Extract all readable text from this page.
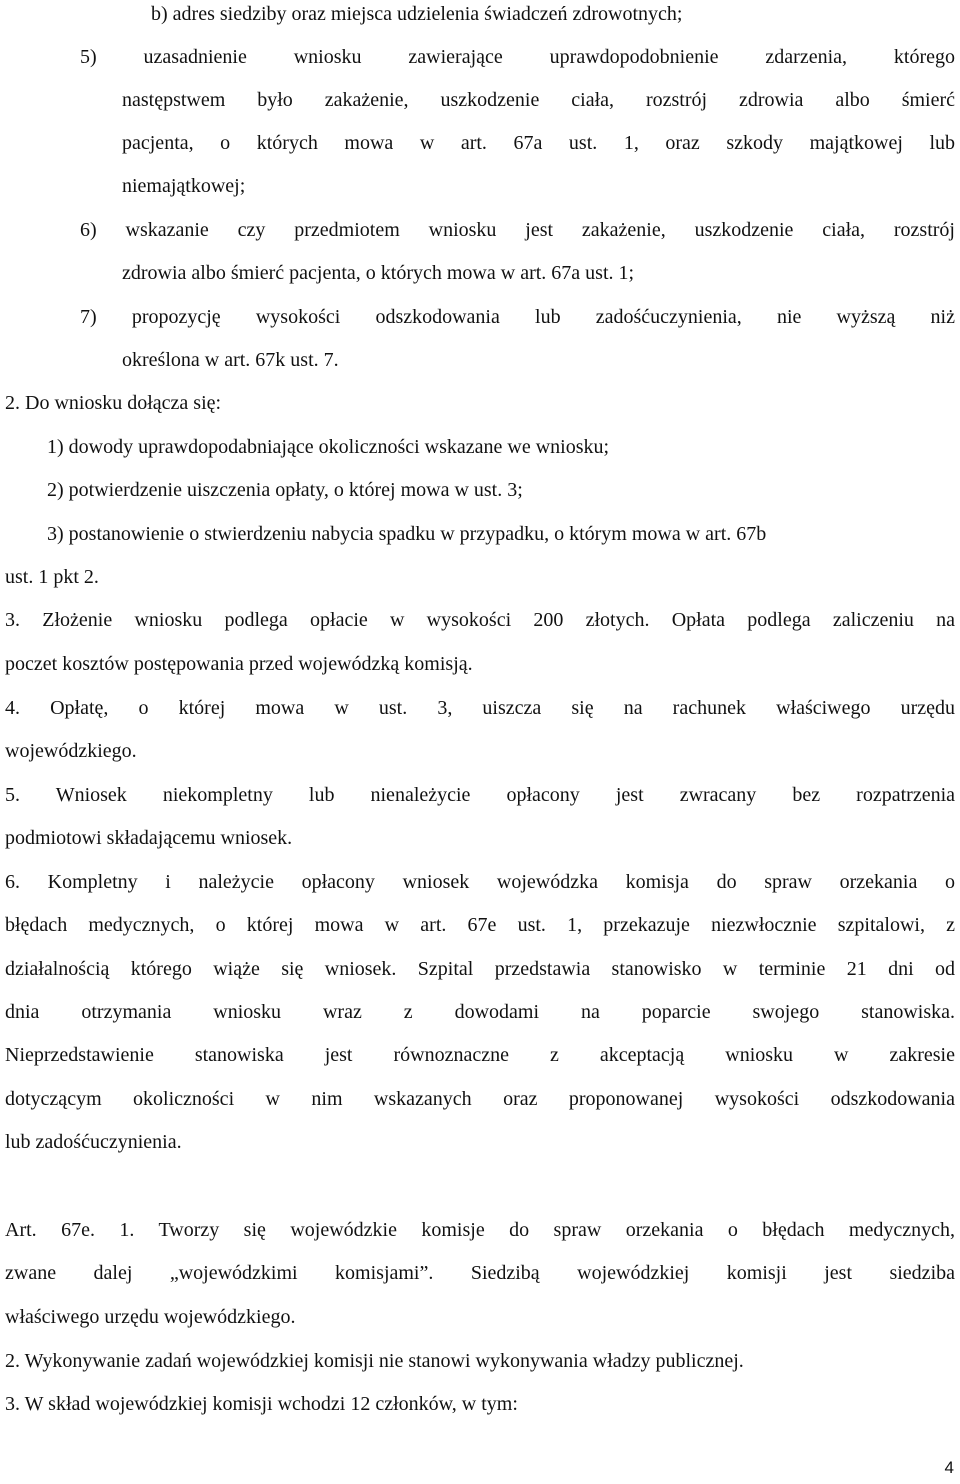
b) adres siedziby oraz miejsca udzielenia świadczeń zdrowotnych;

5) uzasadnienie wniosku zawierające uprawdopodobnienie zdarzenia, którego

następstwem było zakażenie, uszkodzenie ciała, rozstrój zdrowia albo śmierć

pacjenta, o których mowa w art. 67a ust. 1, oraz szkody majątkowej lub

niemajątkowej;

6) wskazanie czy przedmiotem wniosku jest zakażenie, uszkodzenie ciała, rozstrój

zdrowia albo śmierć pacjenta, o których mowa w art. 67a ust. 1;

7) propozycję wysokości odszkodowania lub zadośćuczynienia, nie wyższą niż

określona w art. 67k ust. 7.

2. Do wniosku dołącza się:

1) dowody uprawdopodabniające okoliczności wskazane we wniosku;

2) potwierdzenie uiszczenia opłaty, o której mowa w ust. 3;

3) postanowienie o stwierdzeniu nabycia spadku w przypadku, o którym mowa w art. 67b

ust. 1 pkt 2.

3. Złożenie wniosku podlega opłacie w wysokości 200 złotych. Opłata podlega zaliczeniu na

poczet kosztów postępowania przed wojewódzką komisją.

4. Opłatę, o której mowa w ust. 3, uiszcza się na rachunek właściwego urzędu

wojewódzkiego.

5. Wniosek niekompletny lub nienależycie opłacony jest zwracany bez rozpatrzenia

podmiotowi składającemu wniosek.

6. Kompletny i należycie opłacony wniosek wojewódzka komisja do spraw orzekania o

błędach medycznych, o której mowa w art. 67e ust. 1, przekazuje niezwłocznie szpitalowi, z

działalnością którego wiąże się wniosek. Szpital przedstawia stanowisko w terminie 21 dni od

dnia otrzymania wniosku wraz z dowodami na poparcie swojego stanowiska.

Nieprzedstawienie stanowiska jest równoznaczne z akceptacją wniosku w zakresie

dotyczącym okoliczności w nim wskazanych oraz proponowanej wysokości odszkodowania

lub zadośćuczynienia.

Art. 67e. 1. Tworzy się wojewódzkie komisje do spraw orzekania o błędach medycznych,

zwane dalej „wojewódzkimi komisjami”. Siedzibą wojewódzkiej komisji jest siedziba

właściwego urzędu wojewódzkiego.

2. Wykonywanie zadań wojewódzkiej komisji nie stanowi wykonywania władzy publicznej.

3. W skład wojewódzkiej komisji wchodzi 12 członków, w tym:

4
